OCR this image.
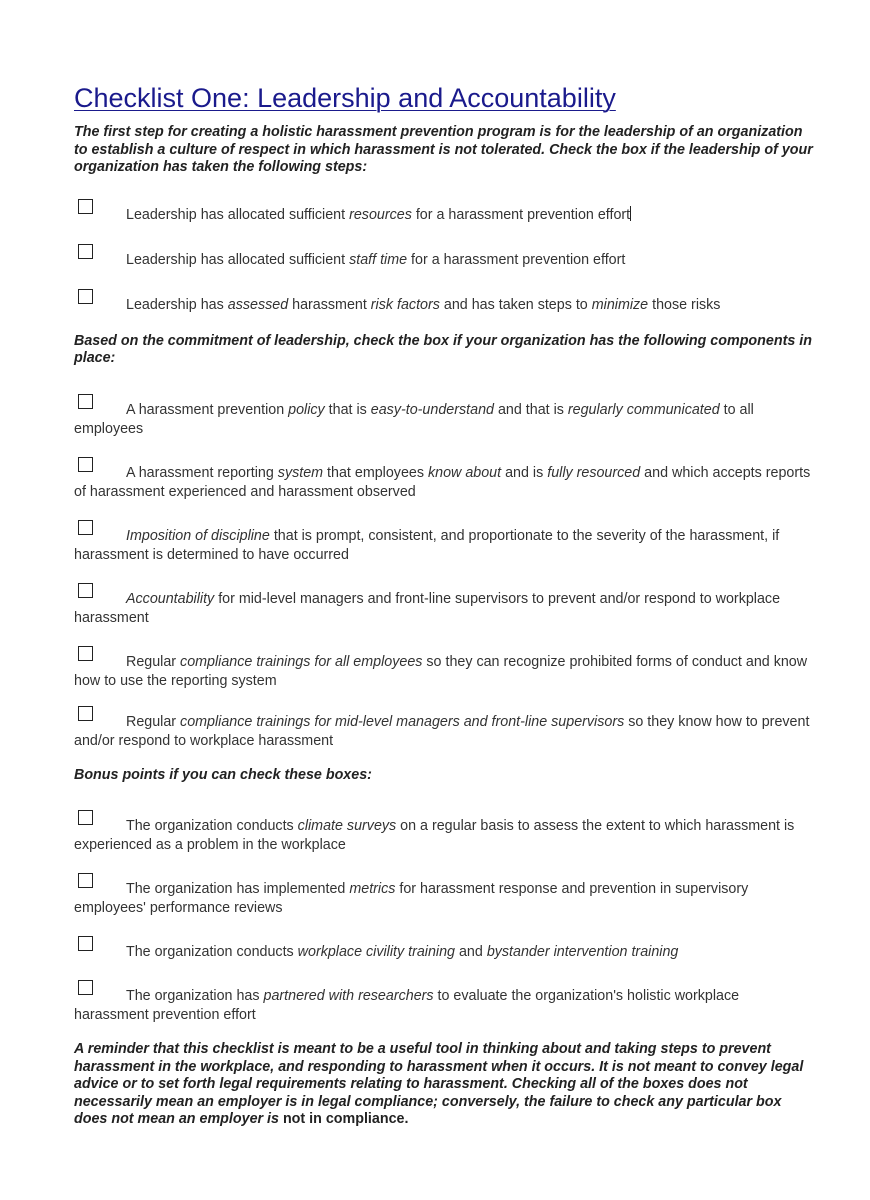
Checklist One: Leadership and Accountability

The first step for creating a holistic harassment prevention program is for the leadership of an organization to establish a culture of respect in which harassment is not tolerated. Check the box if the leadership of your organization has taken the following steps:

Leadership has allocated sufficient resources for a harassment prevention effort

Leadership has allocated sufficient staff time for a harassment prevention effort

Leadership has assessed harassment risk factors and has taken steps to minimize those risks

Based on the commitment of leadership, check the box if your organization has the following components in place:

A harassment prevention policy that is easy-to-understand and that is regularly communicated to all employees

A harassment reporting system that employees know about and is fully resourced and which accepts reports of harassment experienced and harassment observed

Imposition of discipline that is prompt, consistent, and proportionate to the severity of the harassment, if harassment is determined to have occurred

Accountability for mid-level managers and front-line supervisors to prevent and/or respond to workplace harassment

Regular compliance trainings for all employees so they can recognize prohibited forms of conduct and know how to use the reporting system

Regular compliance trainings for mid-level managers and front-line supervisors so they know how to prevent and/or respond to workplace harassment

Bonus points if you can check these boxes:

The organization conducts climate surveys on a regular basis to assess the extent to which harassment is experienced as a problem in the workplace

The organization has implemented metrics for harassment response and prevention in supervisory employees' performance reviews

The organization conducts workplace civility training and bystander intervention training

The organization has partnered with researchers to evaluate the organization's holistic workplace harassment prevention effort

A reminder that this checklist is meant to be a useful tool in thinking about and taking steps to prevent harassment in the workplace, and responding to harassment when it occurs. It is not meant to convey legal advice or to set forth legal requirements relating to harassment. Checking all of the boxes does not necessarily mean an employer is in legal compliance; conversely, the failure to check any particular box does not mean an employer is not in compliance.
